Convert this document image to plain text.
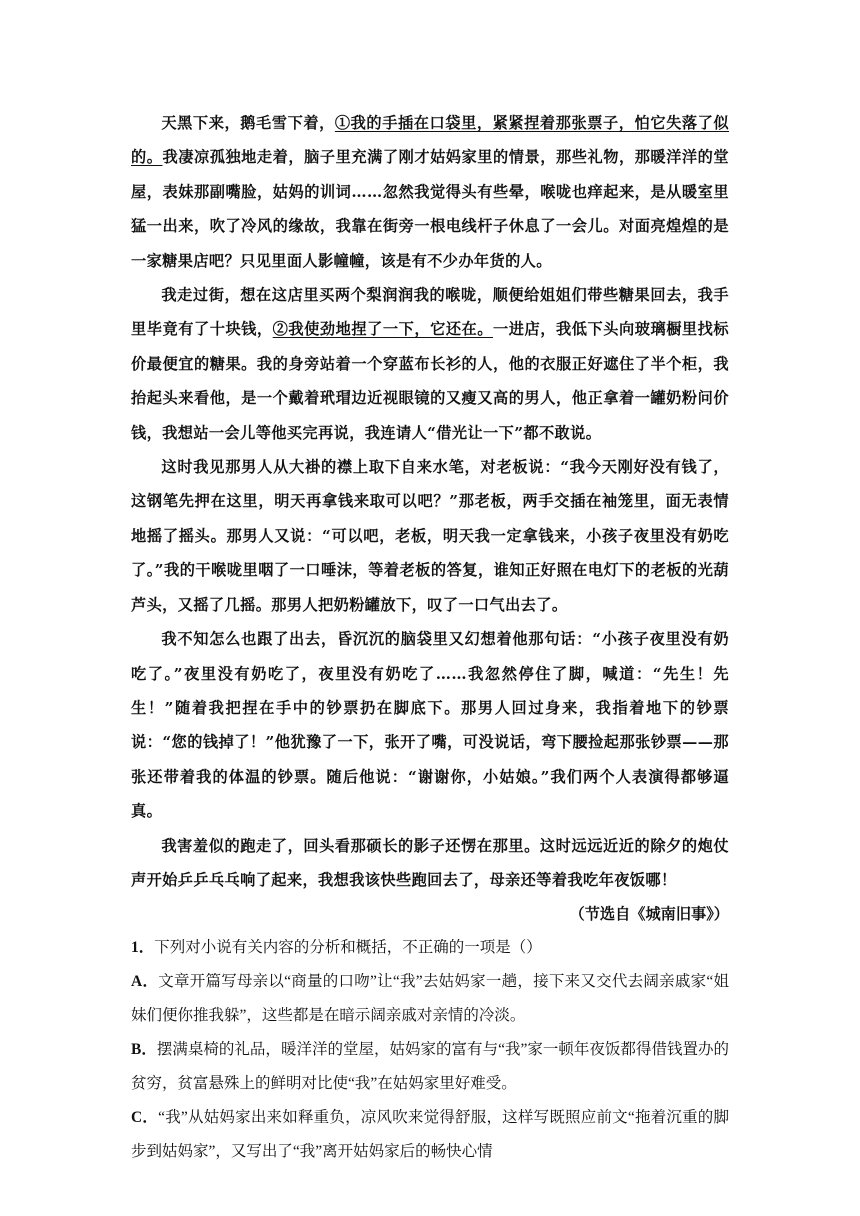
天黑下来，鹅毛雪下着，①我的手插在口袋里，紧紧捏着那张票子，怕它失落了似的。我凄凉孤独地走着，脑子里充满了刚才姑妈家里的情景，那些礼物，那暖洋洋的堂屋，表妹那副嘴脸，姑妈的训词……忽然我觉得头有些晕，喉咙也痒起来，是从暖室里猛一出来，吹了冷风的缘故，我靠在街旁一根电线杆子休息了一会儿。对面亮煌煌的是一家糖果店吧？只见里面人影幢幢，该是有不少办年货的人。

我走过街，想在这店里买两个梨润润我的喉咙，顺便给姐姐们带些糖果回去，我手里毕竟有了十块钱，②我使劲地捏了一下，它还在。一进店，我低下头向玻璃橱里找标价最便宜的糖果。我的身旁站着一个穿蓝布长衫的人，他的衣服正好遮住了半个柜，我抬起头来看他，是一个戴着玳瑁边近视眼镜的又瘦又高的男人，他正拿着一罐奶粉问价钱，我想站一会儿等他买完再说，我连请人“借光让一下”都不敢说。

这时我见那男人从大褂的襟上取下自来水笔，对老板说：“我今天刚好没有钱了，这钢笔先押在这里，明天再拿钱来取可以吧？”那老板，两手交插在袖笼里，面无表情地摇了摇头。那男人又说：“可以吧，老板，明天我一定拿钱来，小孩子夜里没有奶吃了。”我的干喉咙里咽了一口唾沫，等着老板的答复，谁知正好照在电灯下的老板的光葫芦头，又摇了几摇。那男人把奶粉罐放下，叹了一口气出去了。

我不知怎么也跟了出去，昏沉沉的脑袋里又幻想着他那句话：“小孩子夜里没有奶吃了。”夜里没有奶吃了，夜里没有奶吃了……我忽然停住了脚，喊道：“先生！先生！”随着我把捏在手中的钞票扔在脚底下。那男人回过身来，我指着地下的钞票说：“您的钱掉了！”他犹豫了一下，张开了嘴，可没说话，弯下腰捡起那张钞票——那张还带着我的体温的钞票。随后他说：“谢谢你，小姑娘。”我们两个人表演得都够逼真。

我害羞似的跑走了，回头看那硕长的影子还愣在那里。这时远远近近的除夕的炮仗声开始乒乒乓乓响了起来，我想我该快些跑回去了，母亲还等着我吃年夜饭哪！

（节选自《城南旧事》）

1．下列对小说有关内容的分析和概括，不正确的一项是（）

A．文章开篇写母亲以“商量的口吻”让“我”去姑妈家一趟，接下来又交代去阔亲戚家“姐妹们便你推我躲”，这些都是在暗示阔亲戚对亲情的冷淡。

B．摆满桌椅的礼品，暖洋洋的堂屋，姑妈家的富有与“我”家一顿年夜饭都得借钱置办的贫穷，贫富悬殊上的鲜明对比使“我”在姑妈家里好难受。

C．“我”从姑妈家出来如释重负，凉风吹来觉得舒服，这样写既照应前文“拖着沉重的脚步到姑妈家”，又写出了“我”离开姑妈家后的畅快心情
